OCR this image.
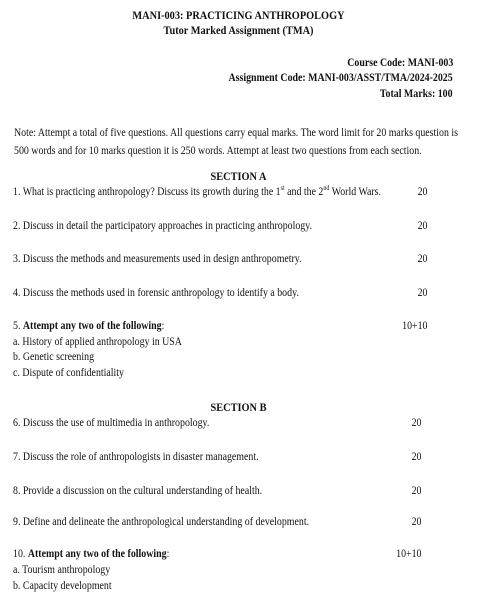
MANI-003: PRACTICING ANTHROPOLOGY
Tutor Marked Assignment (TMA)
Course Code: MANI-003
Assignment Code: MANI-003/ASST/TMA/2024-2025
Total Marks: 100
Note: Attempt a total of five questions. All questions carry equal marks. The word limit for 20 marks question is
500 words and for 10 marks question it is 250 words. Attempt at least two questions from each section.
SECTION A
1. What is practicing anthropology? Discuss its growth during the 1st and the 2nd World Wars.	20
2. Discuss in detail the participatory approaches in practicing anthropology.	20
3. Discuss the methods and measurements used in design anthropometry.	20
4. Discuss the methods used in forensic anthropology to identify a body.	20
5. Attempt any two of the following:	10+10
a. History of applied anthropology in USA
b. Genetic screening
c. Dispute of confidentiality
SECTION B
6. Discuss the use of multimedia in anthropology.	20
7. Discuss the role of anthropologists in disaster management.	20
8. Provide a discussion on the cultural understanding of health.	20
9. Define and delineate the anthropological understanding of development.	20
10. Attempt any two of the following:	10+10
a. Tourism anthropology
b. Capacity development
